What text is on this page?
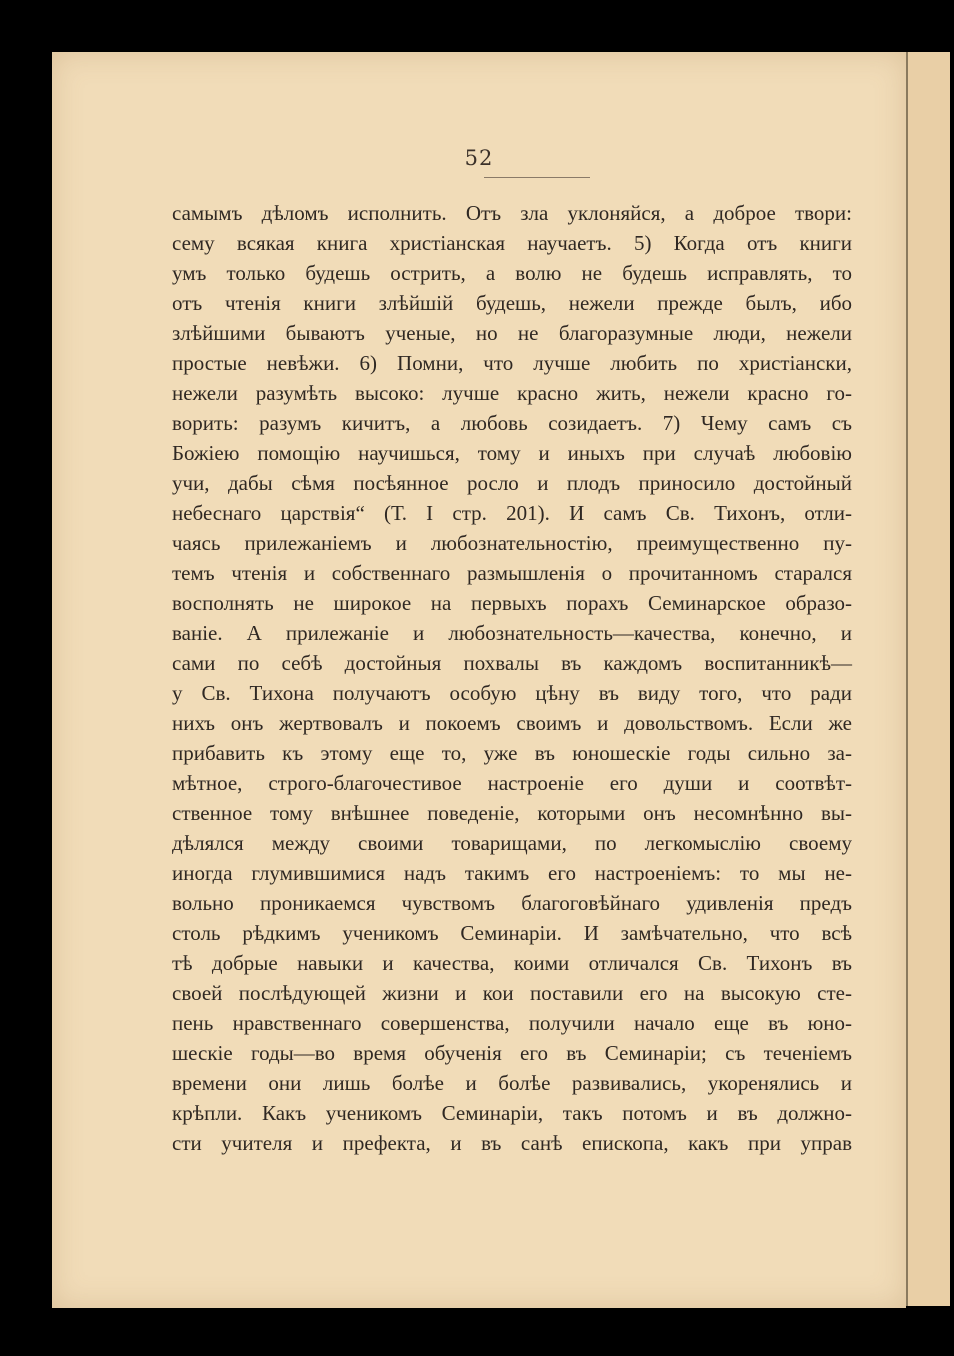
52
самымъ дѣломъ исполнить. Отъ зла уклоняйся, а доброе твори:
сему всякая книга христіанская научаетъ. 5) Когда отъ книги
умъ только будешь острить, а волю не будешь исправлять, то
отъ чтенія книги злѣйшій будешь, нежели прежде былъ, ибо
злѣйшими бываютъ ученые, но не благоразумные люди, нежели
простые невѣжи. 6) Помни, что лучше любить по христіански,
нежели разумѣть высоко: лучше красно жить, нежели красно го-
ворить: разумъ кичитъ, а любовь созидаетъ. 7) Чему самъ съ
Божіею помощію научишься, тому и иныхъ при случаѣ любовію
учи, дабы сѣмя посѣянное росло и плодъ приносило достойный
небеснаго царствія“ (Т. I стр. 201). И самъ Св. Тихонъ, отли-
чаясь прилежаніемъ и любознательностію, преимущественно пу-
темъ чтенія и собственнаго размышленія о прочитанномъ старался
восполнять не широкое на первыхъ порахъ Семинарское образо-
ваніе. А прилежаніе и любознательность—качества, конечно, и
сами по себѣ достойныя похвалы въ каждомъ воспитанникѣ—
у Св. Тихона получаютъ особую цѣну въ виду того, что ради
нихъ онъ жертвовалъ и покоемъ своимъ и довольствомъ. Если же
прибавить къ этому еще то, уже въ юношескіе годы сильно за-
мѣтное, строго-благочестивое настроеніе его души и соотвѣт-
ственное тому внѣшнее поведеніе, которыми онъ несомнѣнно вы-
дѣлялся между своими товарищами, по легкомыслію своему
иногда глумившимися надъ такимъ его настроеніемъ: то мы не-
вольно проникаемся чувствомъ благоговѣйнаго удивленія предъ
столь рѣдкимъ ученикомъ Семинаріи. И замѣчательно, что всѣ
тѣ добрые навыки и качества, коими отличался Св. Тихонъ въ
своей послѣдующей жизни и кои поставили его на высокую сте-
пень нравственнаго совершенства, получили начало еще въ юно-
шескіе годы—во время обученія его въ Семинаріи; съ теченіемъ
времени они лишь болѣе и болѣе развивались, укоренялись и
крѣпли. Какъ ученикомъ Семинаріи, такъ потомъ и въ должно-
сти учителя и префекта, и въ санѣ епископа, какъ при управ
